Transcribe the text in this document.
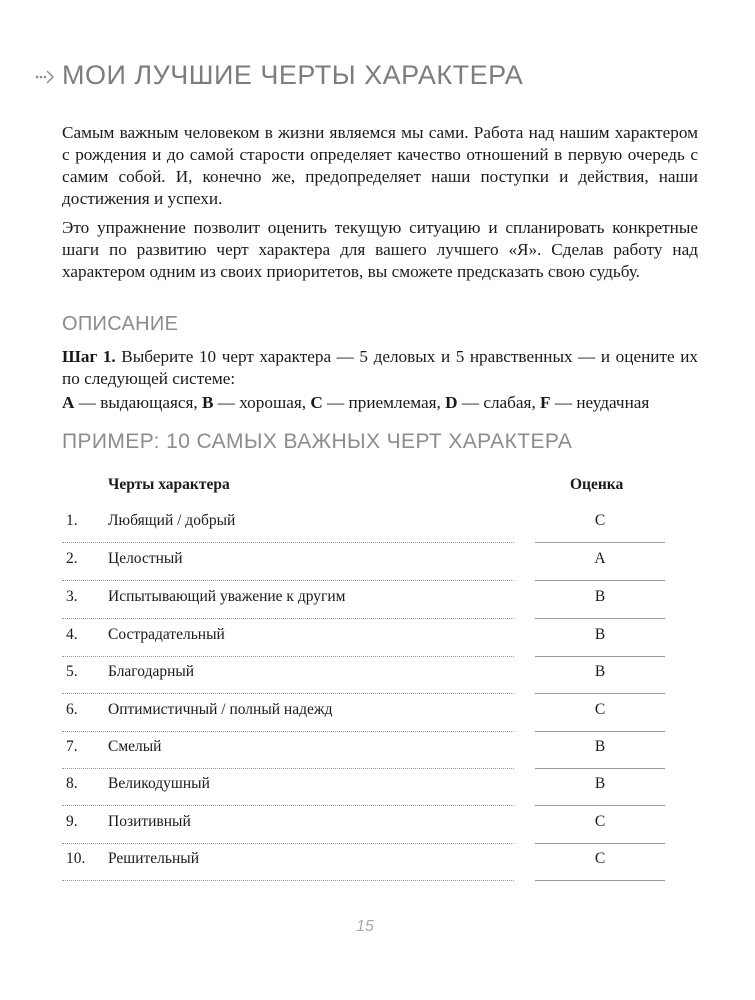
МОИ ЛУЧШИЕ ЧЕРТЫ ХАРАКТЕРА

Самым важным человеком в жизни являемся мы сами. Работа над нашим характером с рождения и до самой старости определяет качество отношений в первую очередь с самим собой. И, конечно же, предопределяет наши поступки и действия, наши достижения и успехи.

Это упражнение позволит оценить текущую ситуацию и спланировать конкретные шаги по развитию черт характера для вашего лучшего «Я». Сделав работу над характером одним из своих приоритетов, вы сможете предсказать свою судьбу.

ОПИСАНИЕ
Шаг 1. Выберите 10 черт характера — 5 деловых и 5 нравственных — и оцените их по следующей системе:
A — выдающаяся, B — хорошая, C — приемлемая, D — слабая, F — неудачная
ПРИМЕР: 10 САМЫХ ВАЖНЫХ ЧЕРТ ХАРАКТЕРА
Черты характера	Оценка
1.	Любящий / добрый	C
2.	Целостный	A
3.	Испытывающий уважение к другим	B
4.	Сострадательный	B
5.	Благодарный	B
6.	Оптимистичный / полный надежд	C
7.	Смелый	B
8.	Великодушный	B
9.	Позитивный	C
10.	Решительный	C
15
